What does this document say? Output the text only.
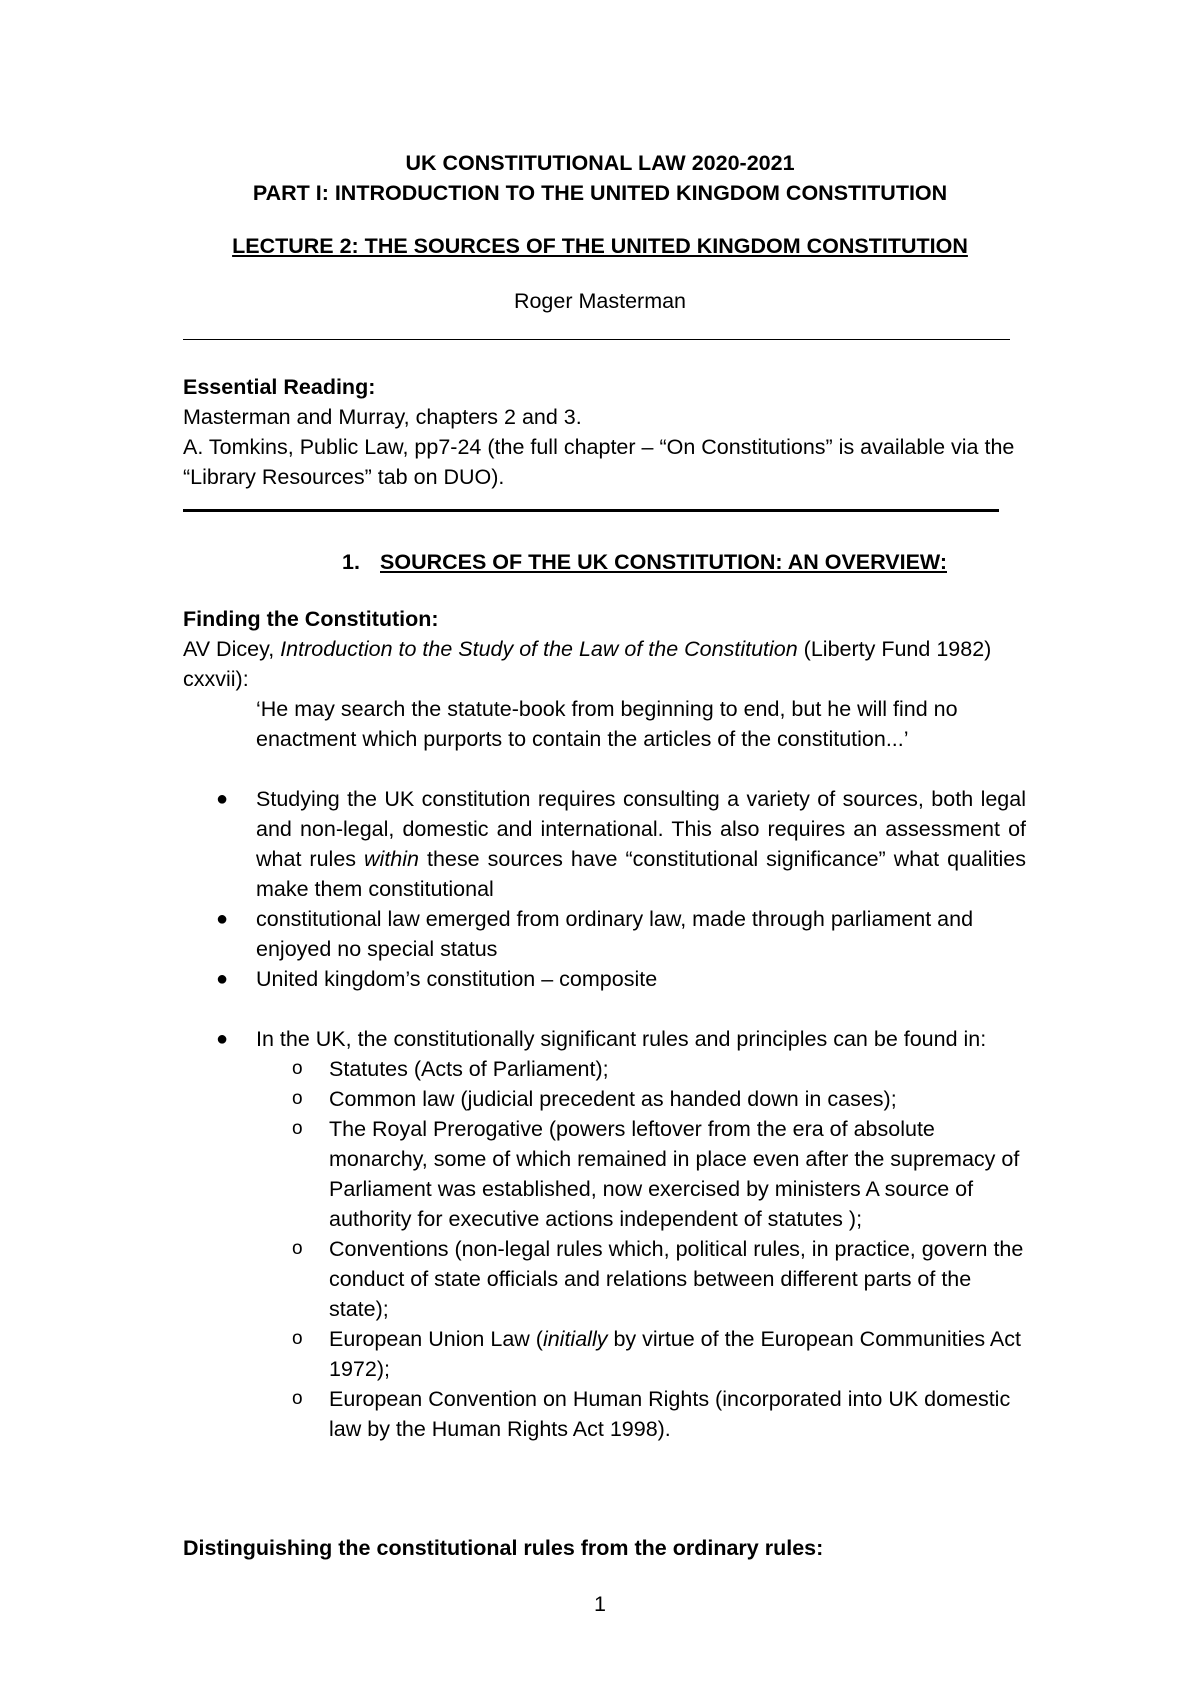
UK CONSTITUTIONAL LAW 2020-2021
PART I: INTRODUCTION TO THE UNITED KINGDOM CONSTITUTION
LECTURE 2: THE SOURCES OF THE UNITED KINGDOM CONSTITUTION
Roger Masterman
Essential Reading:
Masterman and Murray, chapters 2 and 3.
A. Tomkins, Public Law, pp7-24 (the full chapter – “On Constitutions” is available via the “Library Resources” tab on DUO).
1. SOURCES OF THE UK CONSTITUTION: AN OVERVIEW:
Finding the Constitution:
AV Dicey, Introduction to the Study of the Law of the Constitution (Liberty Fund 1982) cxxvii):
‘He may search the statute-book from beginning to end, but he will find no enactment which purports to contain the articles of the constitution...’
● Studying the UK constitution requires consulting a variety of sources, both legal and non-legal, domestic and international. This also requires an assessment of what rules within these sources have “constitutional significance” what qualities make them constitutional
● constitutional law emerged from ordinary law, made through parliament and enjoyed no special status
● United kingdom’s constitution – composite
● In the UK, the constitutionally significant rules and principles can be found in:
o Statutes (Acts of Parliament);
o Common law (judicial precedent as handed down in cases);
o The Royal Prerogative (powers leftover from the era of absolute monarchy, some of which remained in place even after the supremacy of Parliament was established, now exercised by ministers A source of authority for executive actions independent of statutes );
o Conventions (non-legal rules which, political rules, in practice, govern the conduct of state officials and relations between different parts of the state);
o European Union Law (initially by virtue of the European Communities Act 1972);
o European Convention on Human Rights (incorporated into UK domestic law by the Human Rights Act 1998).
Distinguishing the constitutional rules from the ordinary rules:
1
